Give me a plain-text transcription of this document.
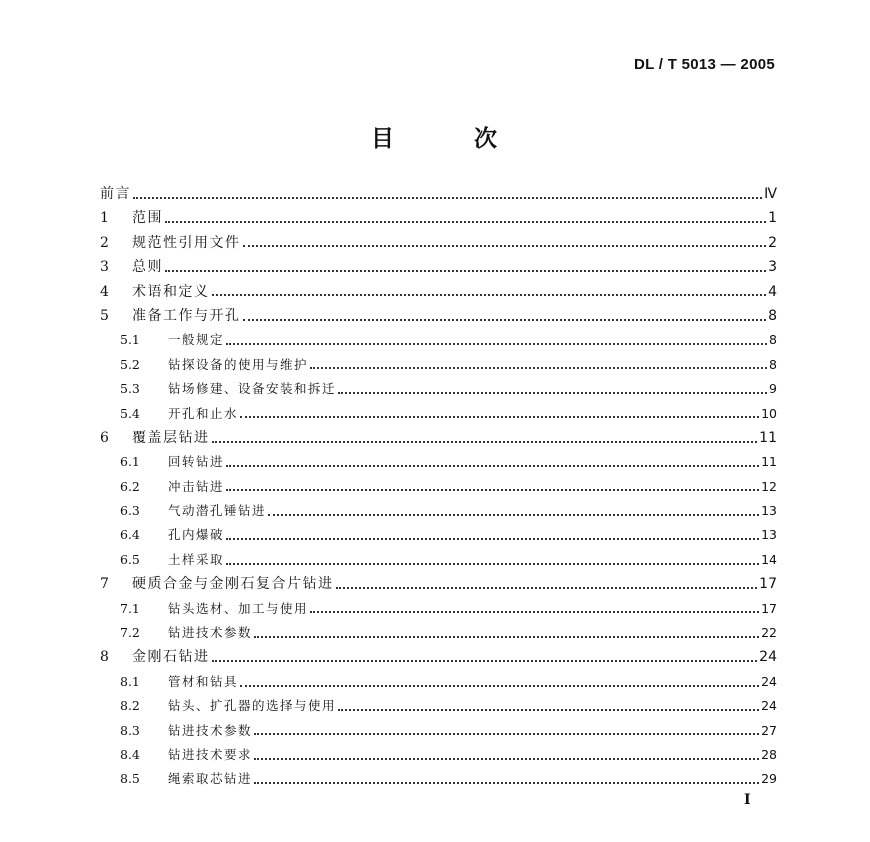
DL / T 5013 — 2005
目	次
前言	Ⅳ
1	范围	1
2	规范性引用文件	2
3	总则	3
4	术语和定义	4
5	准备工作与开孔	8
5.1	一般规定	8
5.2	钻探设备的使用与维护	8
5.3	钻场修建、设备安装和拆迁	9
5.4	开孔和止水	10
6	覆盖层钻进	11
6.1	回转钻进	11
6.2	冲击钻进	12
6.3	气动潜孔锤钻进	13
6.4	孔内爆破	13
6.5	土样采取	14
7	硬质合金与金刚石复合片钻进	17
7.1	钻头选材、加工与使用	17
7.2	钻进技术参数	22
8	金刚石钻进	24
8.1	管材和钻具	24
8.2	钻头、扩孔器的选择与使用	24
8.3	钻进技术参数	27
8.4	钻进技术要求	28
8.5	绳索取芯钻进	29
I
